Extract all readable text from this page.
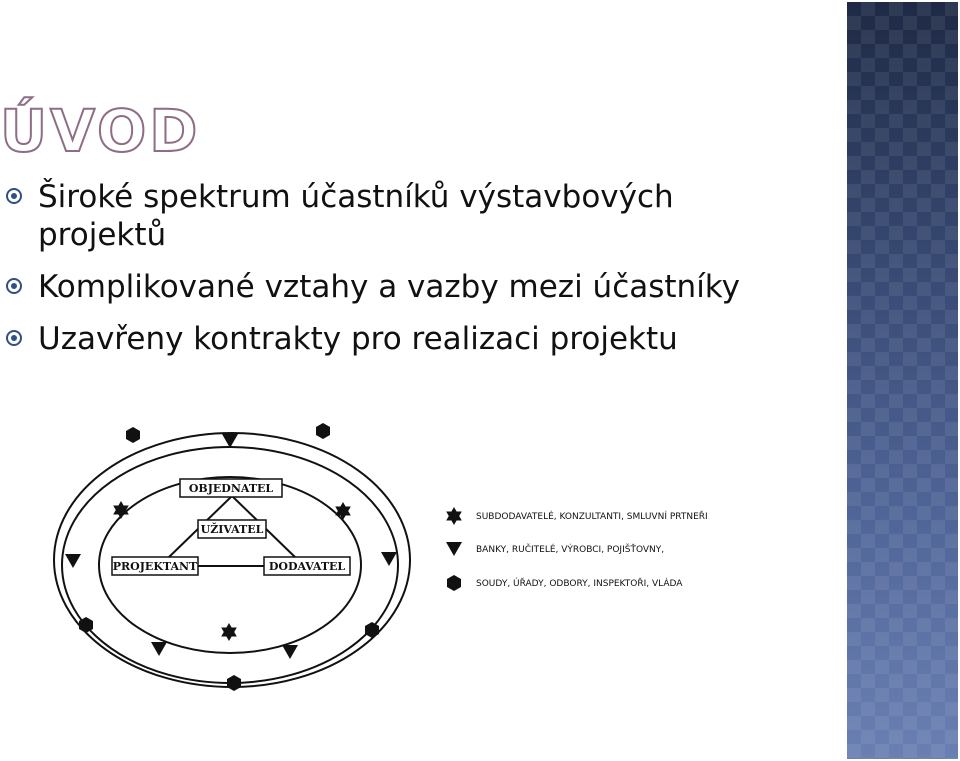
ÚVOD
Široké spektrum účastníků výstavbových projektů
Komplikované vztahy a vazby mezi účastníky
Uzavřeny kontrakty pro realizaci projektu
OBJEDNATEL
UŽIVATEL
PROJEKTANT	DODAVATEL
SUBDODAVATELÉ, KONZULTANTI, SMLUVNÍ PRTNEŘI
BANKY, RUČITELÉ, VÝROBCI, POJIŠŤOVNY,
SOUDY, ÚŘADY, ODBORY, INSPEKTOŘI, VLÁDA
